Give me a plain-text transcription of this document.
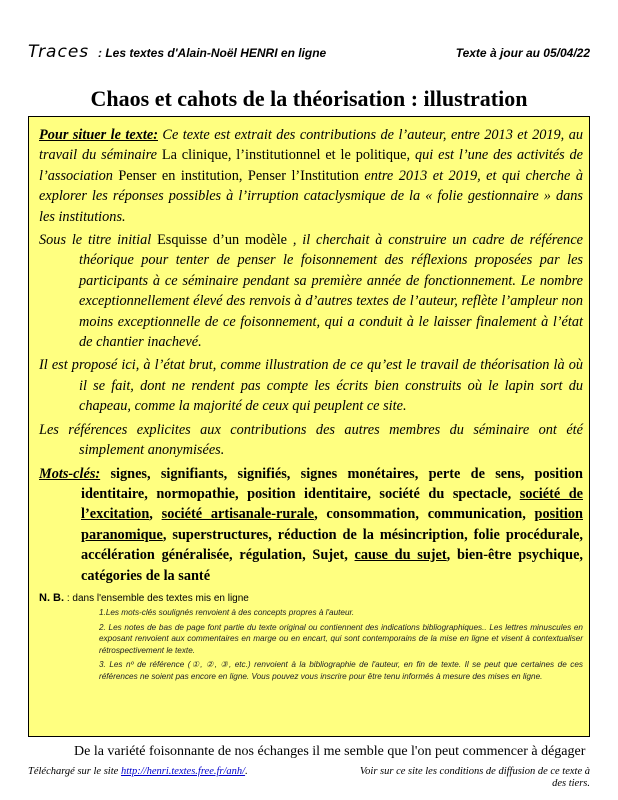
Traces : Les textes d'Alain-Noël HENRI en ligne	Texte à jour au 05/04/22
Chaos et cahots de la théorisation : illustration

Pour situer le texte: Ce texte est extrait des contributions de l’auteur, entre 2013 et 2019, au travail du séminaire La clinique, l’institutionnel et le politique, qui est l’une des activités de l’association Penser en institution, Penser l’Institution entre 2013 et 2019, et qui cherche à explorer les réponses possibles à l’irruption cataclysmique de la « folie gestionnaire » dans les institutions.

Sous le titre initial Esquisse d’un modèle , il cherchait à construire un cadre de référence théorique pour tenter de penser le foisonnement des réflexions proposées par les participants à ce séminaire pendant sa première année de fonctionnement. Le nombre exceptionnellement élevé des renvois à d’autres textes de l’auteur, reflète l’ampleur non moins exceptionnelle de ce foisonnement, qui a conduit à le laisser finalement à l’état de chantier inachevé.

Il est proposé ici, à l’état brut, comme illustration de ce qu’est le travail de théorisation là où il se fait, dont ne rendent pas compte les écrits bien construits où le lapin sort du chapeau, comme la majorité de ceux qui peuplent ce site.

Les références explicites aux contributions des autres membres du séminaire ont été simplement anonymisées.

Mots-clés: signes, signifiants, signifiés, signes monétaires, perte de sens, position identitaire, normopathie, position identitaire, société du spectacle, société de l’excitation, société artisanale-rurale, consommation, communication, position paranomique, superstructures, réduction de la mésincription, folie procédurale, accélération généralisée, régulation, Sujet, cause du sujet, bien-être psychique, catégories de la santé

N. B. : dans l'ensemble des textes mis en ligne

1.Les mots-clés soulignés renvoient à des concepts propres à l'auteur.

2. Les notes de bas de page font partie du texte original ou contiennent des indications bibliographiques.. Les lettres minuscules en exposant renvoient aux commentaires en marge ou en encart, qui sont contemporains de la mise en ligne et visent à contextualiser rétrospectivement le texte.

3. Les nº de référence (①, ②, ③, etc.) renvoient à la bibliographie de l'auteur, en fin de texte. Il se peut que certaines de ces références ne soient pas encore en ligne. Vous pouvez vous inscrire pour être tenu informés à mesure des mises en ligne.

De la variété foisonnante de nos échanges il me semble que l'on peut commencer à dégager
Téléchargé sur le site http://henri.textes.free.fr/anh/.	Voir sur ce site les conditions de diffusion de ce texte à des tiers.
